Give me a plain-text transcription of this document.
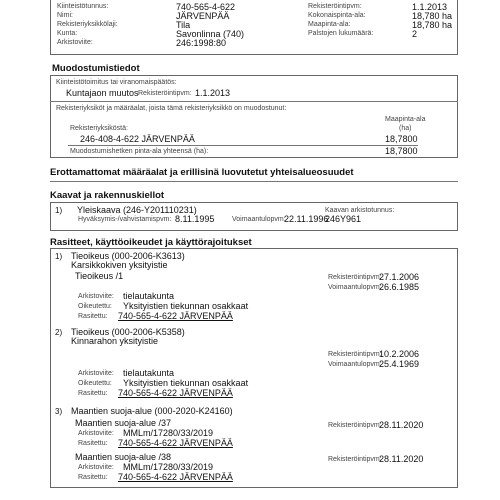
Kiinteistötunnus:	740-565-4-622
Nimi:	JÄRVENPÄÄ
Rekisteriyksikkölaji:	Tila
Kunta:	Savonlinna (740)
Arkistoviite:	246:1998:80
Rekisteröintipvm:	1.1.2013
Kokonaispinta-ala:	18,780 ha
Maapinta-ala:	18,780 ha
Palstojen lukumäärä:	2
Muodostumistiedot
Kiinteistötoimitus tai viranomaispäätös:
Kuntajaon muutos Rekisteröintipvm: 1.1.2013
Rekisteriyksiköt ja määräalat, joista tämä rekisteriyksikkö on muodostunut:
Rekisteriyksiköstä:
Maapinta-ala
(ha)
246-408-4-622 JÄRVENPÄÄ	18,7800
Muodostumishetken pinta-ala yhteensä (ha):	18,7800
Erottamattomat määräalat ja erillisinä luovutetut yhteisalueosuudet
Kaavat ja rakennuskiellot
1) Yleiskaava (246-Y201110231)
Hyväksymis-/vahvistamispvm: 8.11.1995	Voimaantulopvm:
22.11.1996
Kaavan arkistotunnus:
246Y961
Rasitteet, käyttöoikeudet ja käyttörajoitukset
1) Tieoikeus (000-2006-K3613)
Karsikkokiven yksityistie
Tieoikeus /1	Rekisteröintipvm:
27.1.2006
Voimaantulopvm:
26.6.1985
Arkistoviite: tielautakunta
Oikeutettu: Yksityistien tiekunnan osakkaat
Rasitettu: 740-565-4-622 JÄRVENPÄÄ
2) Tieoikeus (000-2006-K5358)
Kinnarahon yksityistie
Rekisteröintipvm:
10.2.2006
Voimaantulopvm:
25.4.1969
Arkistoviite: tielautakunta
Oikeutettu: Yksityistien tiekunnan osakkaat
Rasitettu: 740-565-4-622 JÄRVENPÄÄ
3) Maantien suoja-alue (000-2020-K24160)
Maantien suoja-alue /37	Rekisteröintipvm:
28.11.2020
Arkistoviite: MMLm/17280/33/2019
Rasitettu: 740-565-4-622 JÄRVENPÄÄ
Maantien suoja-alue /38	Rekisteröintipvm:
28.11.2020
Arkistoviite: MMLm/17280/33/2019
Rasitettu: 740-565-4-622 JÄRVENPÄÄ
